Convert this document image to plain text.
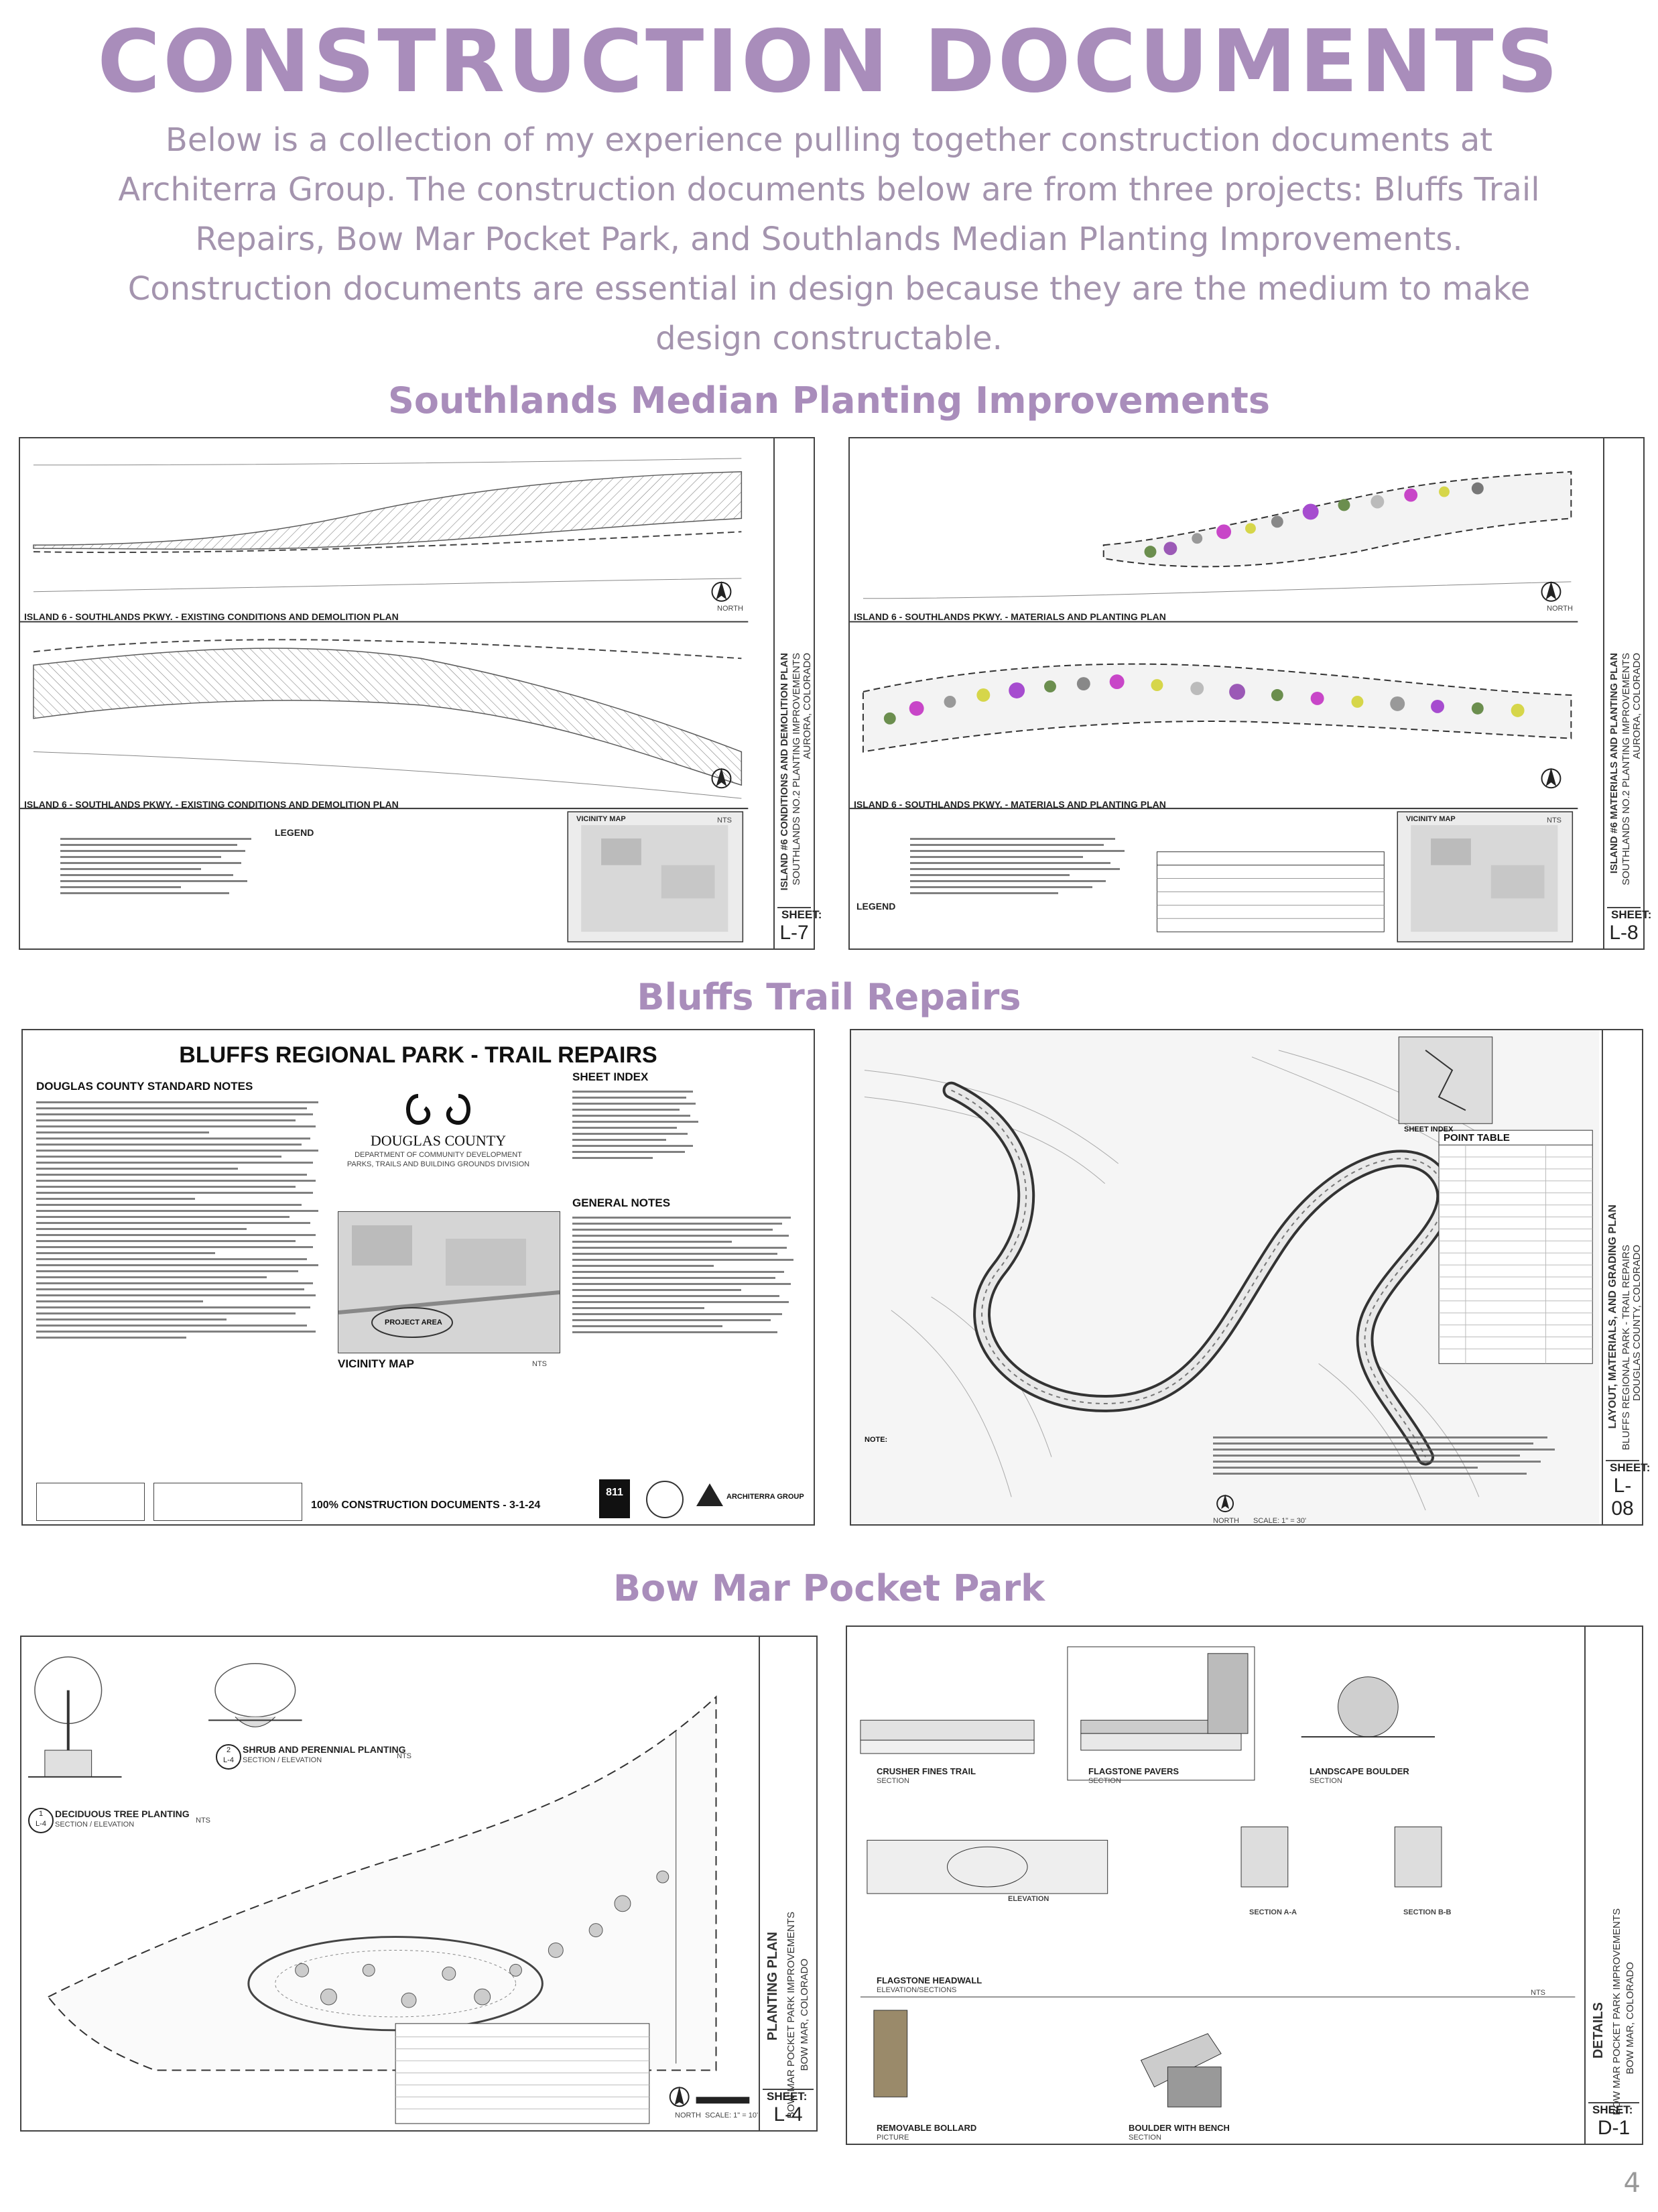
CONSTRUCTION DOCUMENTS
Below is a collection of my experience pulling together construction documents at
Architerra Group. The construction documents below are from three projects: Bluffs Trail
Repairs, Bow Mar Pocket Park, and Southlands Median Planting Improvements.
Construction documents are essential in design because they are the medium to make
design constructable.
Southlands Median Planting Improvements
ISLAND 6 - SOUTHLANDS PKWY. - EXISTING CONDITIONS AND DEMOLITION PLAN
ISLAND 6 - SOUTHLANDS PKWY. - EXISTING CONDITIONS AND DEMOLITION PLAN
NORTH
LEGEND
VICINITY MAP	NTS	ISLAND #6 CONDITIONS AND DEMOLITION PLAN SOUTHLANDS NO.2 PLANTING IMPROVEMENTS AURORA, COLORADO
SHEET:
L-7
ISLAND 6 - SOUTHLANDS PKWY. - MATERIALS AND PLANTING PLAN
ISLAND 6 - SOUTHLANDS PKWY. - MATERIALS AND PLANTING PLAN
NORTH
LEGEND
VICINITY MAP	NTS	ISLAND #6 MATERIALS AND PLANTING PLAN SOUTHLANDS NO.2 PLANTING IMPROVEMENTS AURORA, COLORADO
SHEET:
L-8
Bluffs Trail Repairs
BLUFFS REGIONAL PARK - TRAIL REPAIRS
DOUGLAS COUNTY STANDARD NOTES
DOUGLAS COUNTY
DEPARTMENT OF COMMUNITY DEVELOPMENT
PARKS, TRAILS AND BUILDING GROUNDS DIVISION
PROJECT AREA
VICINITY MAP	NTS
SHEET INDEX
GENERAL NOTES
100% CONSTRUCTION DOCUMENTS - 3-1-24
811	ARCHITERRA GROUP
SHEET INDEX
POINT TABLE
NOTE:
NORTH SCALE: 1" = 30'
LAYOUT, MATERIALS, AND GRADING PLAN BLUFFS REGIONAL PARK - TRAIL REPAIRS DOUGLAS COUNTY, COLORADO
SHEET:
L-08
Bow Mar Pocket Park
1
L-4
DECIDUOUS TREE PLANTING
SECTION / ELEVATION	NTS
2
L-4
SHRUB AND PERENNIAL PLANTING
SECTION / ELEVATION	NTS
NORTH SCALE: 1" = 10'
PLANTING PLAN BOW MAR POCKET PARK IMPROVEMENTS BOW MAR, COLORADO
SHEET:
L-4
CRUSHER FINES TRAIL
SECTION
FLAGSTONE PAVERS
SECTION
LANDSCAPE BOULDER
SECTION
ELEVATION
SECTION A-A	SECTION B-B
FLAGSTONE HEADWALL
ELEVATION/SECTIONS
REMOVABLE BOLLARD
PICTURE
BOULDER WITH BENCH
SECTION
NTS
DETAILS BOW MAR POCKET PARK IMPROVEMENTS BOW MAR, COLORADO
SHEET:
D-1
4
